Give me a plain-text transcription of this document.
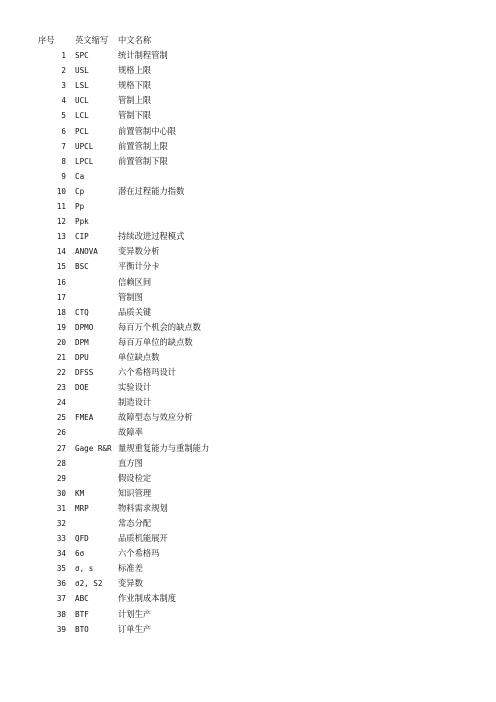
序号 英文缩写 中文名称
1 SPC	统计制程管制
2 USL	规格上限
3 LSL	规格下限
4 UCL	管制上限
5 LCL	管制下限
6 PCL	前置管制中心限
7 UPCL	前置管制上限
8 LPCL	前置管制下限
9 Ca
10 Cp	潜在过程能力指数
11 Pp
12 Ppk
13 CIP	持续改进过程模式
14 ANOVA 变异数分析
15 BSC	平衡计分卡
16	信赖区间
17	管制图
18 CTQ	品质关键
19 DPMO	每百万个机会的缺点数
20 DPM	每百万单位的缺点数
21 DPU	单位缺点数
22 DFSS	六个希格玛设计
23 DOE	实验设计
24	制造设计
25 FMEA	故障型态与效应分析
26	故障率
27 Gage R&R 量规重复能力与重制能力
28	直方图
29	假设检定
30 KM	知识管理
31 MRP	物料需求规划
32	常态分配
33 QFD	品质机能展开
34 6σ	六个希格玛
35 σ, s	标准差
36 σ2, S2 变异数
37 ABC	作业制成本制度
38 BTF	计划生产
39 BTO	订单生产
